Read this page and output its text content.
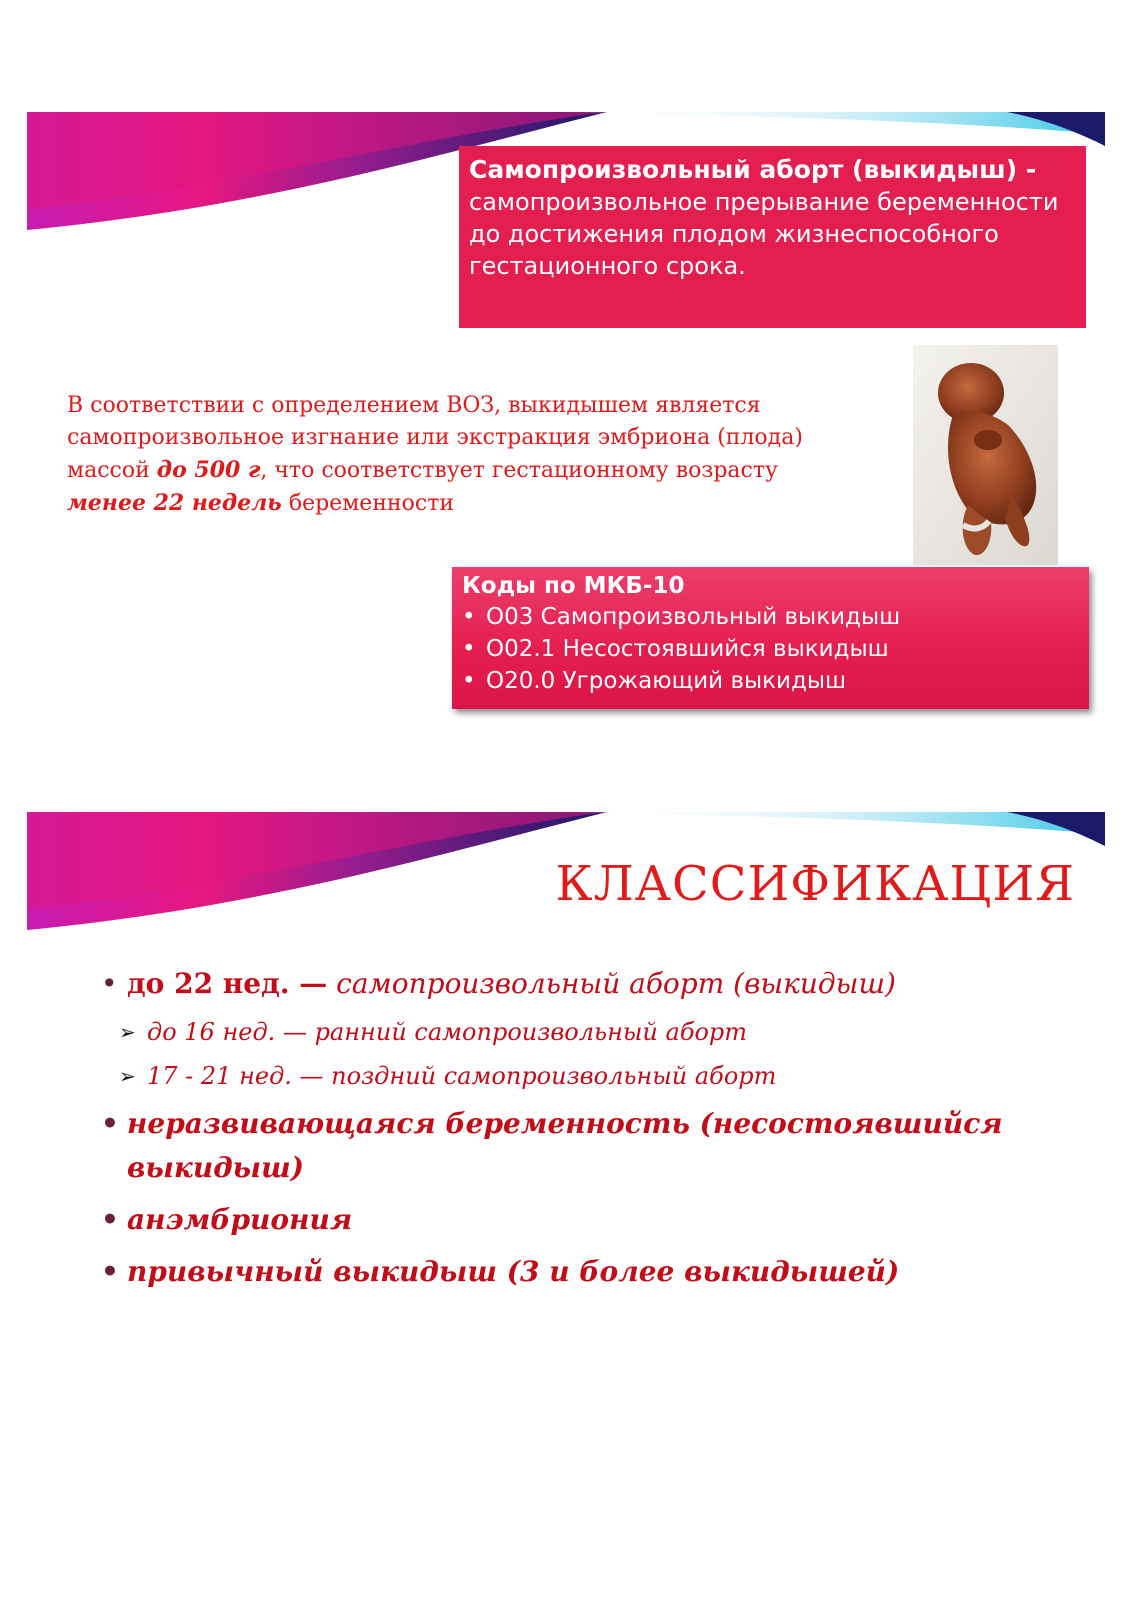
Самопроизвольный аборт (выкидыш) - самопроизвольное прерывание беременности до достижения плодом жизнеспособного гестационного срока.
В соответствии с определением ВОЗ, выкидышем является самопроизвольное изгнание или экстракция эмбриона (плода) массой до 500 г, что соответствует гестационному возрасту менее 22 недель беременности
Коды по МКБ-10
• O03 Самопроизвольный выкидыш
• O02.1 Несостоявшийся выкидыш
• O20.0 Угрожающий выкидыш
КЛАССИФИКАЦИЯ
• до 22 нед. — самопроизвольный аборт (выкидыш)
➢ до 16 нед. — ранний самопроизвольный аборт
➢ 17 - 21 нед. — поздний самопроизвольный аборт
• неразвивающаяся беременность (несостоявшийся выкидыш)
• анэмбриония
• привычный выкидыш (3 и более выкидышей)
